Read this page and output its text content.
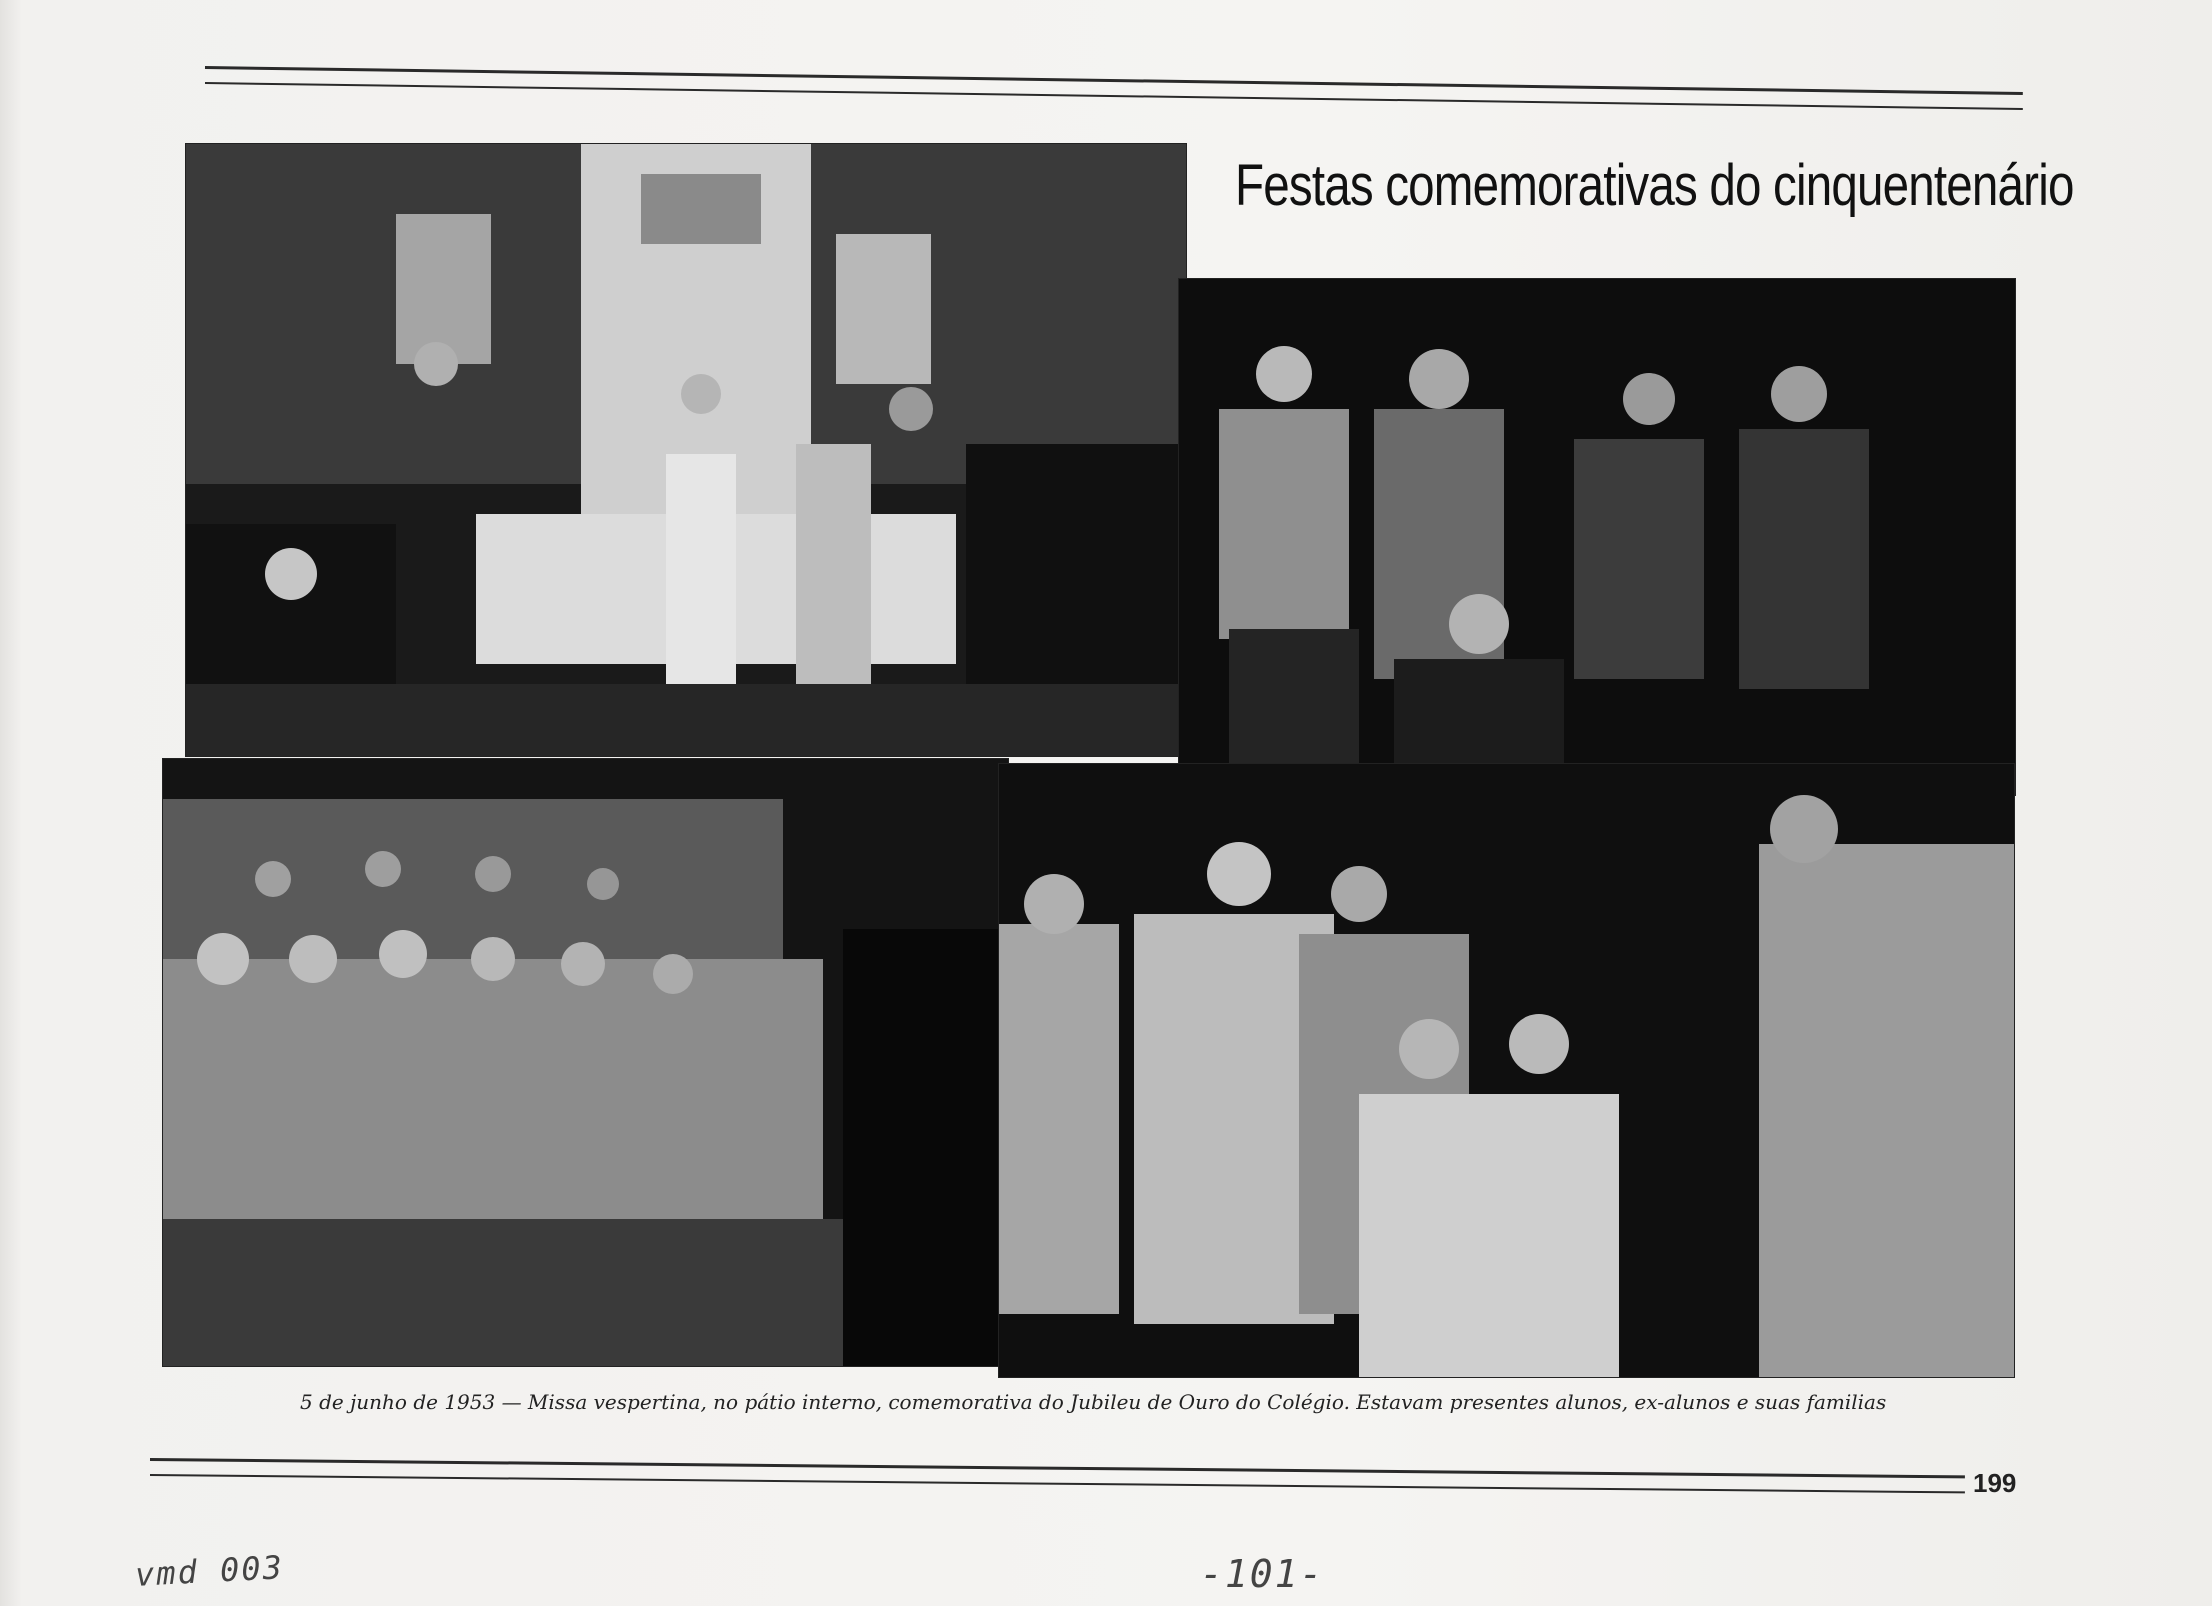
Festas comemorativas do cinquentenário
5 de junho de 1953 — Missa vespertina, no pátio interno, comemorativa do Jubileu de Ouro do Colégio. Estavam presentes alunos, ex-alunos e suas familias
199
vmd 003	-101-
